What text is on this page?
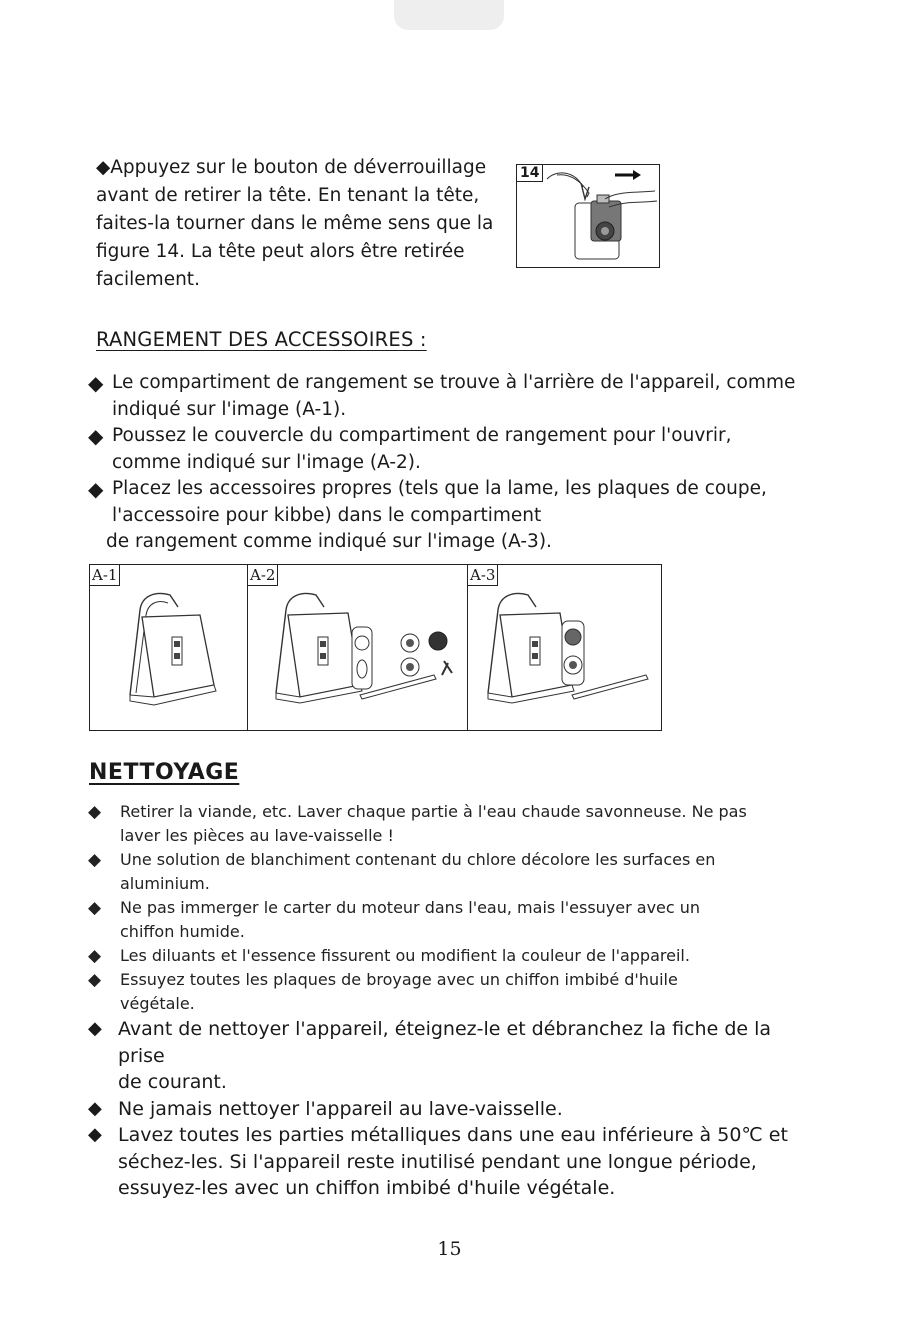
◆Appuyez sur le bouton de déverrouillage avant de retirer la tête. En tenant la tête, faites-la tourner dans le même sens que la figure 14. La tête peut alors être retirée facilement.
14
RANGEMENT DES ACCESSOIRES :
◆ Le compartiment de rangement se trouve à l'arrière de l'appareil, comme
indiqué sur l'image (A-1).
◆ Poussez le couvercle du compartiment de rangement pour l'ouvrir,
comme indiqué sur l'image (A-2).
◆ Placez les accessoires propres (tels que la lame, les plaques de coupe,
l'accessoire pour kibbe) dans le compartiment
de rangement comme indiqué sur l'image (A-3).
A-1	A-2	A-3
NETTOYAGE
◆ Retirer la viande, etc. Laver chaque partie à l'eau chaude savonneuse. Ne pas
laver les pièces au lave-vaisselle !
◆ Une solution de blanchiment contenant du chlore décolore les surfaces en
aluminium.
◆ Ne pas immerger le carter du moteur dans l'eau, mais l'essuyer avec un
chiffon humide.
◆ Les diluants et l'essence fissurent ou modifient la couleur de l'appareil.
◆ Essuyez toutes les plaques de broyage avec un chiffon imbibé d'huile
végétale.
◆ Avant de nettoyer l'appareil, éteignez-le et débranchez la fiche de la prise
de courant.
◆ Ne jamais nettoyer l'appareil au lave-vaisselle.
◆ Lavez toutes les parties métalliques dans une eau inférieure à 50℃ et
séchez-les. Si l'appareil reste inutilisé pendant une longue période,
essuyez-les avec un chiffon imbibé d'huile végétale.
15
